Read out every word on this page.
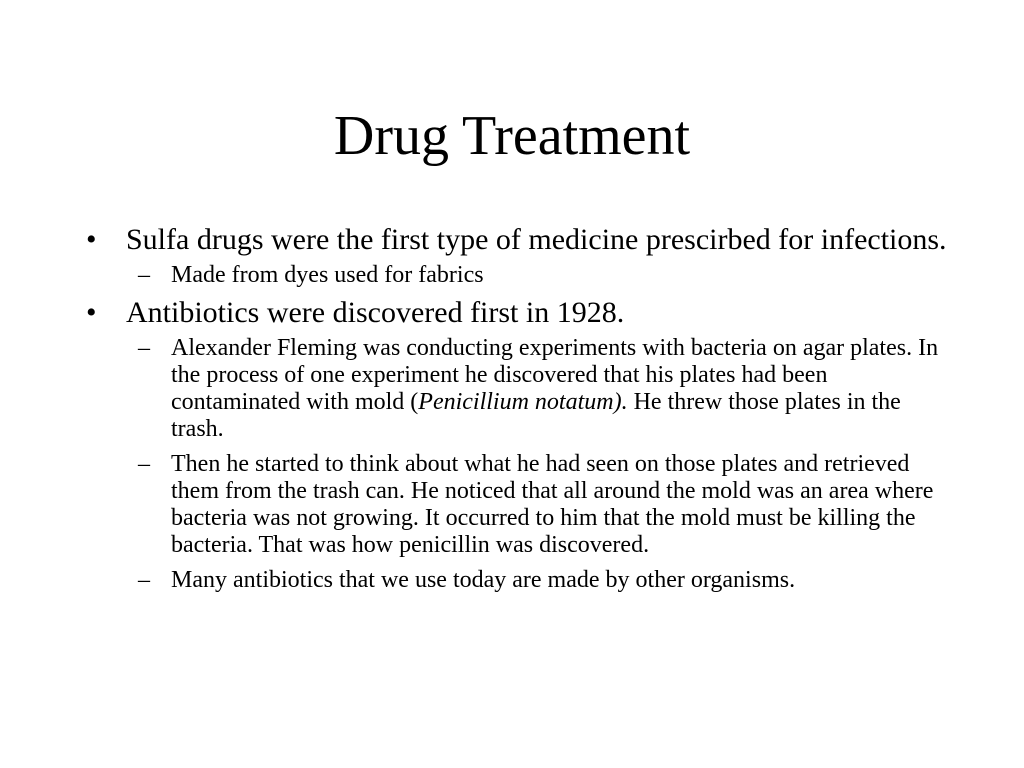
Drug Treatment
• Sulfa drugs were the first type of medicine prescirbed for infections.
– Made from dyes used for fabrics
• Antibiotics were discovered first in 1928.
– Alexander Fleming was conducting experiments with bacteria on agar plates. In the process of one experiment he discovered that his plates had been contaminated with mold (Penicillium notatum). He threw those plates in the trash.
– Then he started to think about what he had seen on those plates and retrieved them from the trash can. He noticed that all around the mold was an area where bacteria was not growing. It occurred to him that the mold must be killing the bacteria. That was how penicillin was discovered.
– Many antibiotics that we use today are made by other organisms.
